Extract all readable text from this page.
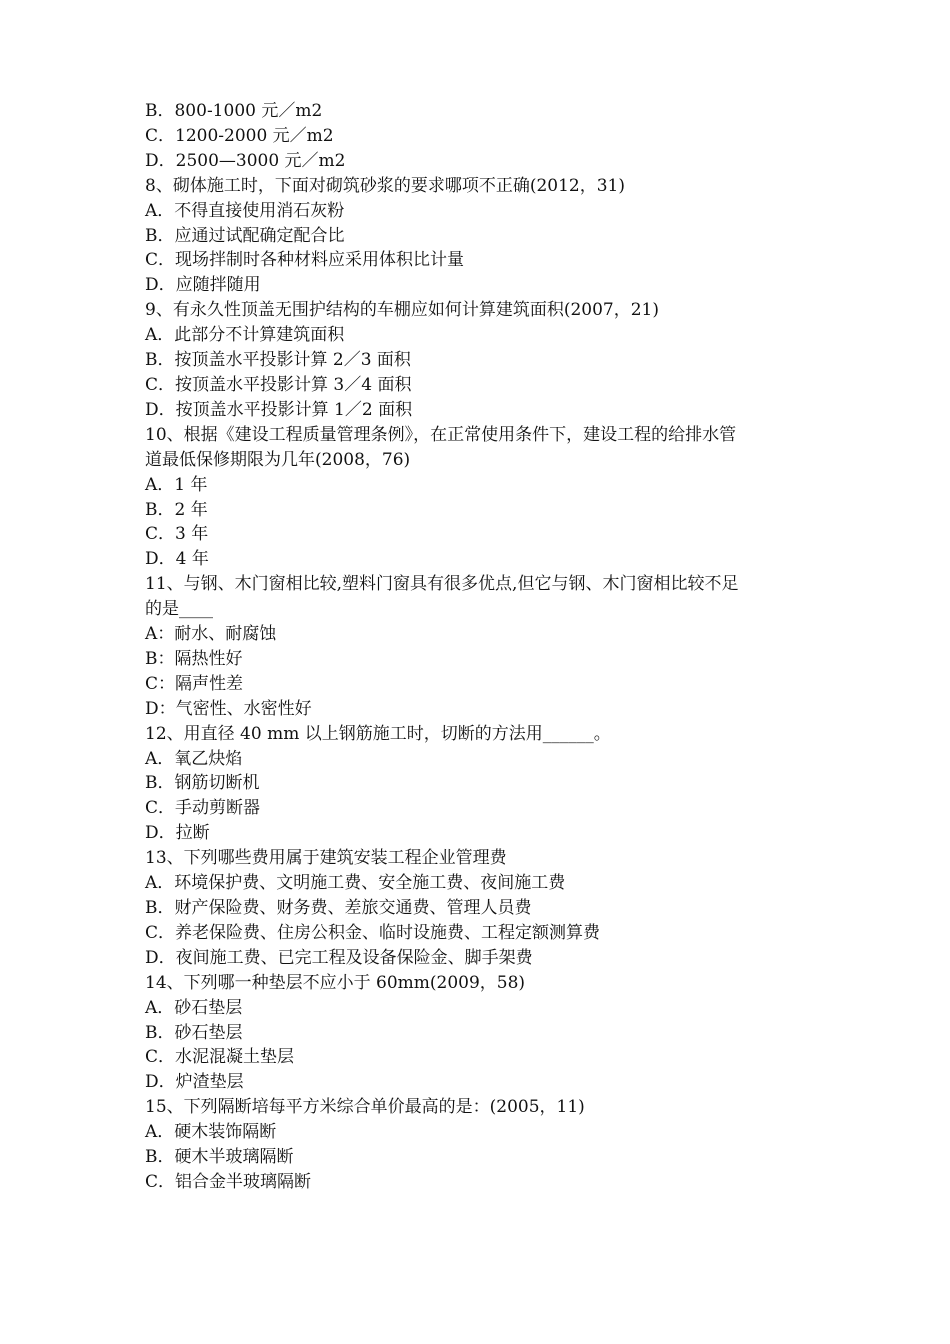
B．800-1000 元／m2
C．1200-2000 元／m2
D．2500—3000 元／m2
8、砌体施工时，下面对砌筑砂浆的要求哪项不正确(2012，31)
A．不得直接使用消石灰粉
B．应通过试配确定配合比
C．现场拌制时各种材料应采用体积比计量
D．应随拌随用
9、有永久性顶盖无围护结构的车棚应如何计算建筑面积(2007，21)
A．此部分不计算建筑面积
B．按顶盖水平投影计算 2／3 面积
C．按顶盖水平投影计算 3／4 面积
D．按顶盖水平投影计算 1／2 面积
10、根据《建设工程质量管理条例》，在正常使用条件下，建设工程的给排水管
道最低保修期限为几年(2008，76)
A．1 年
B．2 年
C．3 年
D．4 年
11、与钢、木门窗相比较,塑料门窗具有很多优点,但它与钢、木门窗相比较不足
的是____
A：耐水、耐腐蚀
B：隔热性好
C：隔声性差
D：气密性、水密性好
12、用直径 40 mm 以上钢筋施工时，切断的方法用______。
A．氧乙炔焰
B．钢筋切断机
C．手动剪断器
D．拉断
13、下列哪些费用属于建筑安装工程企业管理费
A．环境保护费、文明施工费、安全施工费、夜间施工费
B．财产保险费、财务费、差旅交通费、管理人员费
C．养老保险费、住房公积金、临时设施费、工程定额测算费
D．夜间施工费、已完工程及设备保险金、脚手架费
14、下列哪一种垫层不应小于 60mm(2009，58)
A．砂石垫层
B．砂石垫层
C．水泥混凝土垫层
D．炉渣垫层
15、下列隔断培每平方米综合单价最高的是：(2005，11)
A．硬木装饰隔断
B．硬木半玻璃隔断
C．铝合金半玻璃隔断
